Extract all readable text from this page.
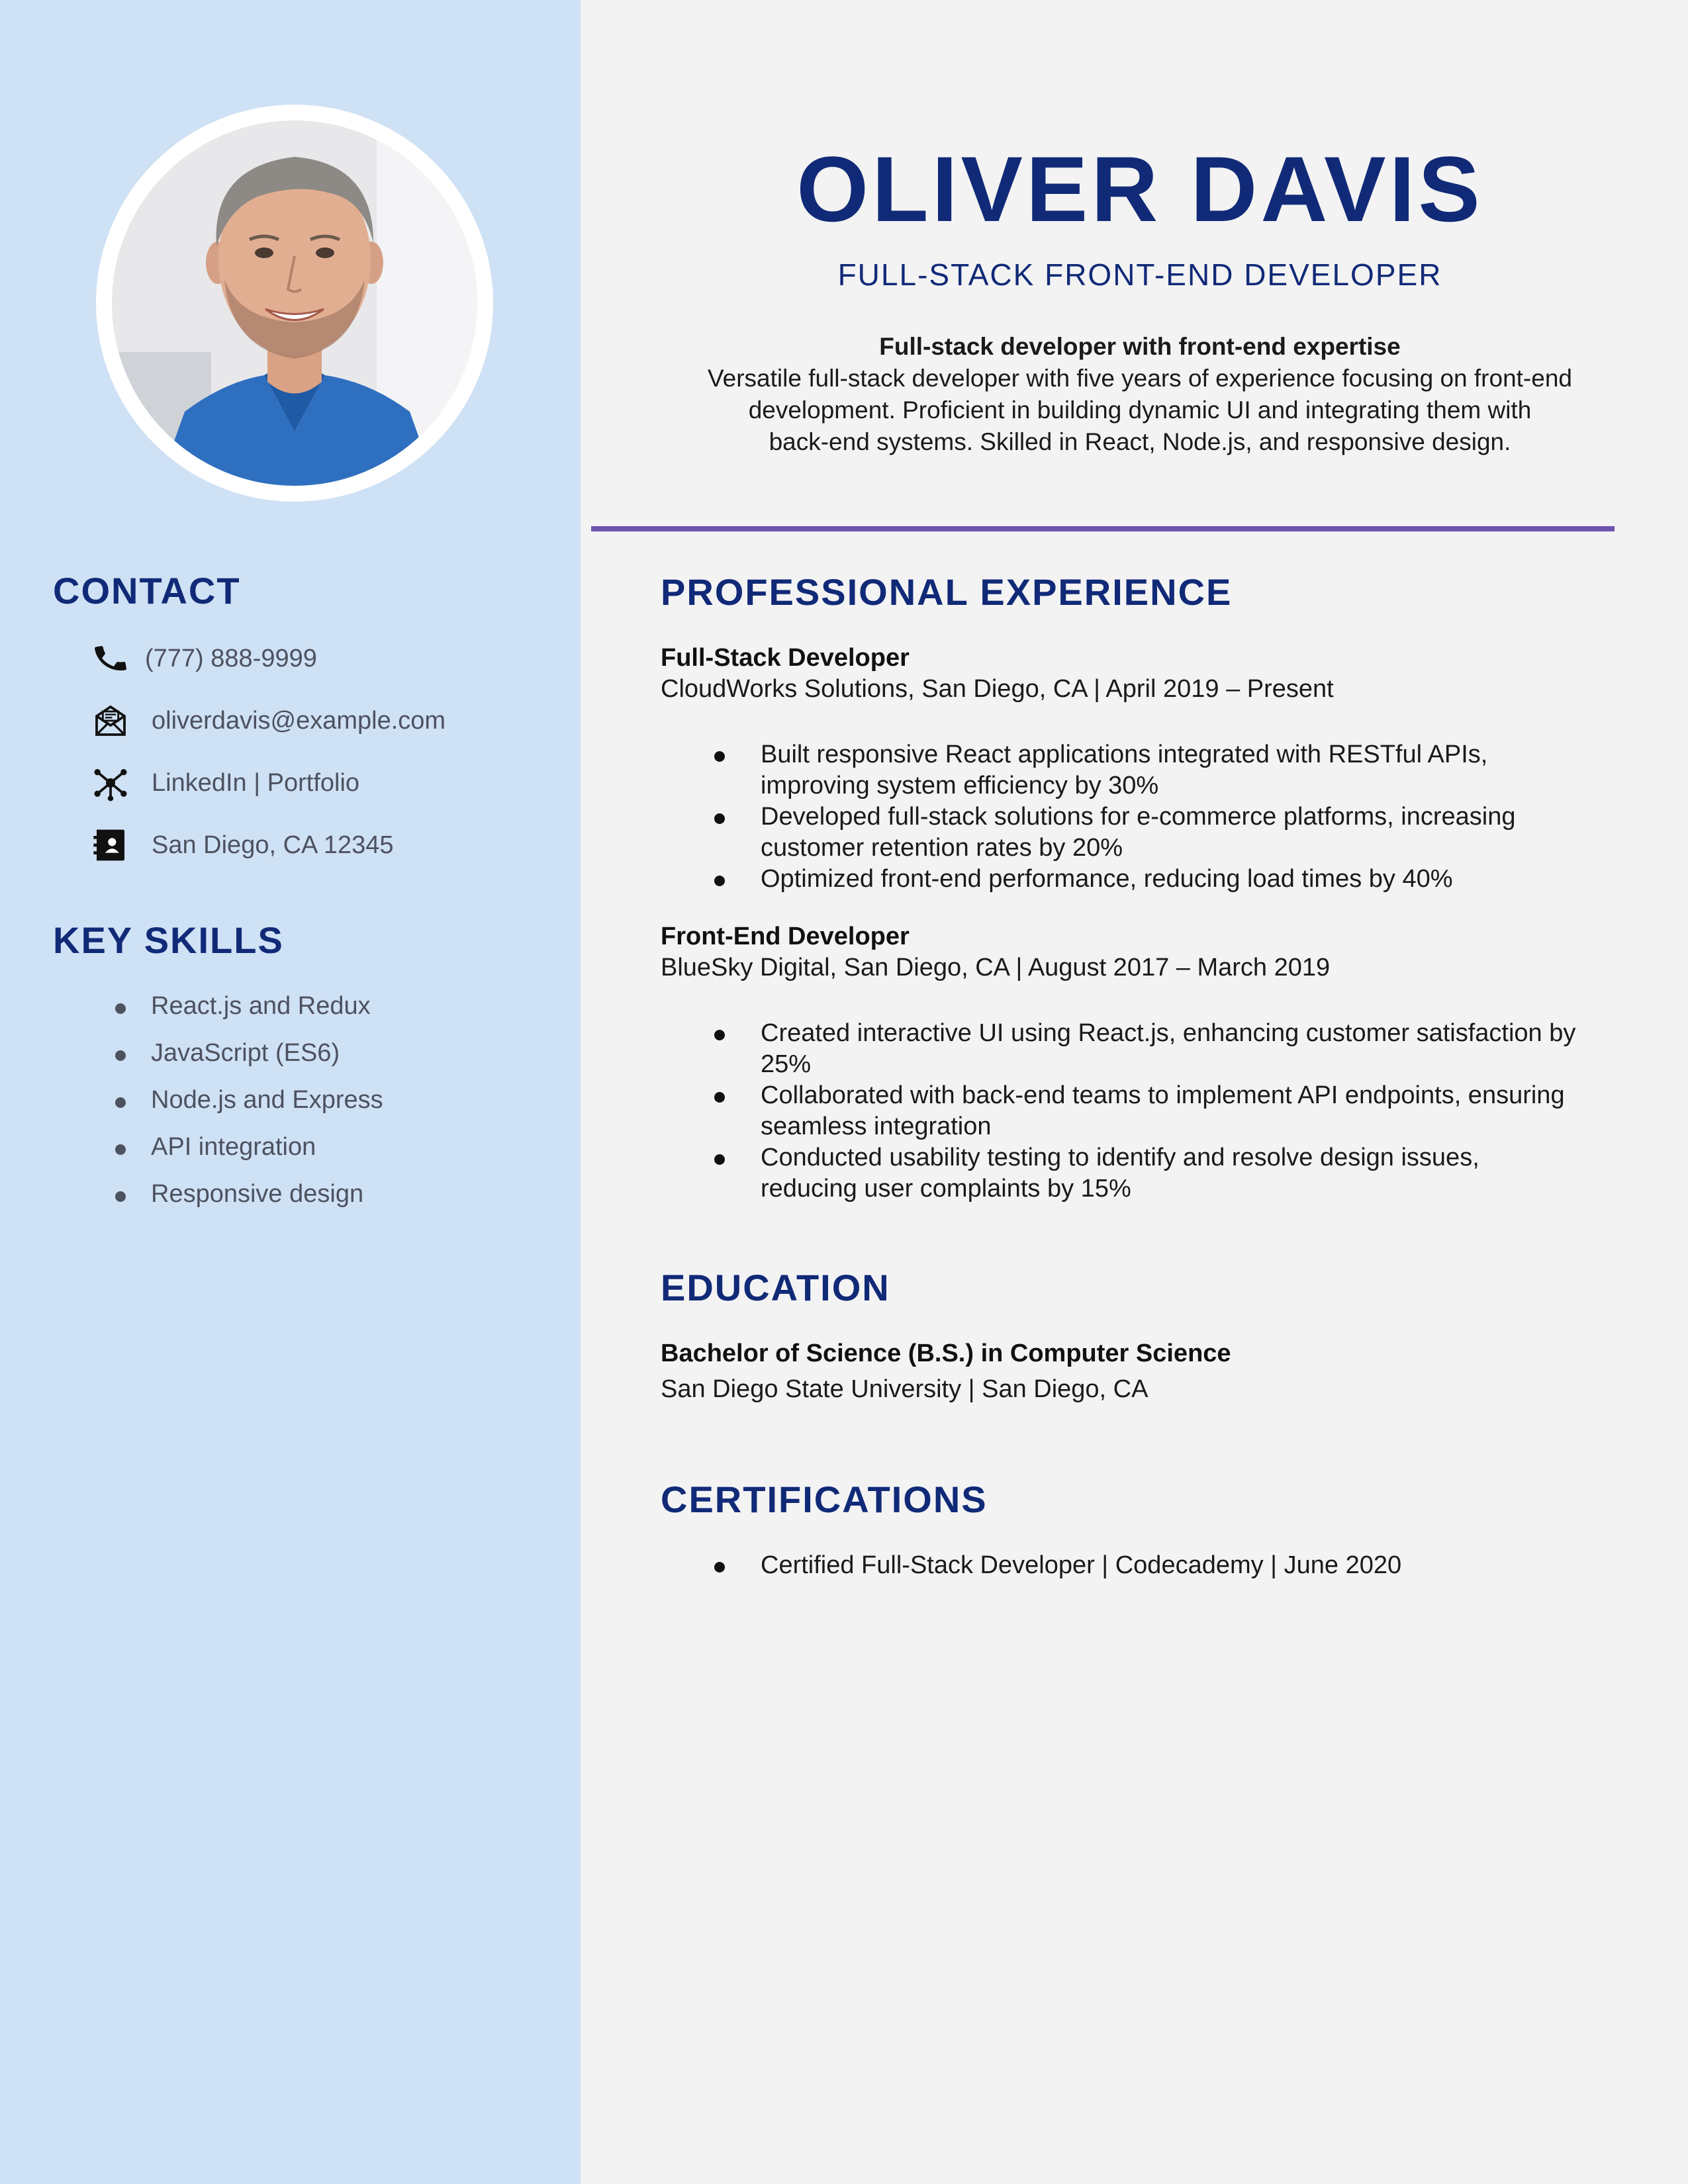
CONTACT
(777) 888-9999
oliverdavis@example.com
LinkedIn | Portfolio
San Diego, CA 12345
KEY SKILLS
React.js and Redux
JavaScript (ES6)
Node.js and Express
API integration
Responsive design
OLIVER DAVIS
FULL-STACK FRONT-END DEVELOPER
Full-stack developer with front-end expertise
Versatile full-stack developer with five years of experience focusing on front-end
development. Proficient in building dynamic UI and integrating them with
back-end systems. Skilled in React, Node.js, and responsive design.
PROFESSIONAL EXPERIENCE
Full-Stack Developer
CloudWorks Solutions, San Diego, CA | April 2019 – Present
Built responsive React applications integrated with RESTful APIs, improving system efficiency by 30%
Developed full-stack solutions for e-commerce platforms, increasing customer retention rates by 20%
Optimized front-end performance, reducing load times by 40%
Front-End Developer
BlueSky Digital, San Diego, CA | August 2017 – March 2019
Created interactive UI using React.js, enhancing customer satisfaction by 25%
Collaborated with back-end teams to implement API endpoints, ensuring seamless integration
Conducted usability testing to identify and resolve design issues, reducing user complaints by 15%
EDUCATION
Bachelor of Science (B.S.) in Computer Science
San Diego State University | San Diego, CA
CERTIFICATIONS
Certified Full-Stack Developer | Codecademy | June 2020
